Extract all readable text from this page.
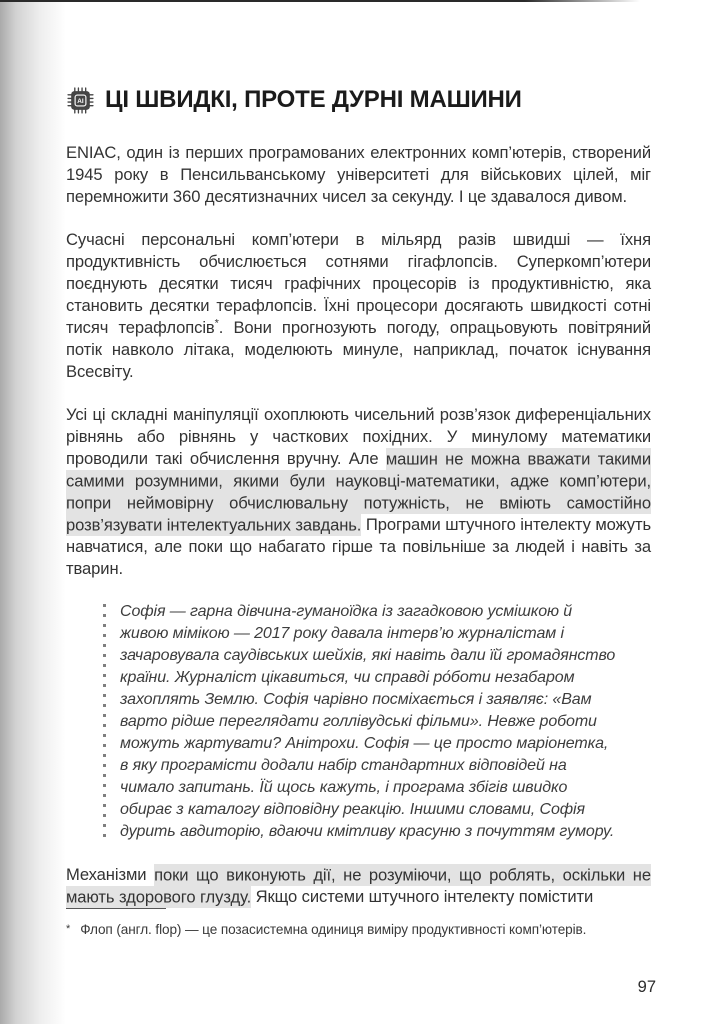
AI ЦІ ШВИДКІ, ПРОТЕ ДУРНІ МАШИНИ

ENIAC, один із перших програмованих електронних комп’ютерів, створений 1945 року в Пенсильванському університеті для військових цілей, міг перемножити 360 десятизначних чисел за секунду. І це здавалося дивом.

Сучасні персональні комп’ютери в мільярд разів швидші — їхня продуктивність обчислюється сотнями гігафлопсів. Суперкомп’ютери поєднують десятки тисяч графічних процесорів із продуктивністю, яка становить десятки терафлопсів. Їхні процесори досягають швидкості сотні тисяч терафлопсів*. Вони прогнозують погоду, опрацьовують повітряний потік навколо літака, моделюють минуле, наприклад, початок існування Всесвіту.

Усі ці складні маніпуляції охоплюють чисельний розв’язок диференціальних рівнянь або рівнянь у часткових похідних. У минулому математики проводили такі обчислення вручну. Але машин не можна вважати такими самими розумними, якими були науковці-математики, адже комп’ютери, попри неймовірну обчислювальну потужність, не вміють самостійно розв’язувати інтелектуальних завдань. Програми штучного інтелекту можуть навчатися, але поки що набагато гірше та повільніше за людей і навіть за тварин.

Софія — гарна дівчина-гуманоїдка із загадковою усмішкою й живою мімікою — 2017 року давала інтерв’ю журналістам і зачаровувала саудівських шейхів, які навіть дали їй громадянство країни. Журналіст цікавиться, чи справді ро́боти незабаром захоплять Землю. Софія чарівно посміхається і заявляє: «Вам варто рідше переглядати голлівудські фільми». Невже роботи можуть жартувати? Анітрохи. Софія — це просто маріонетка, в яку програмісти додали набір стандартних відповідей на чимало запитань. Їй щось кажуть, і програма збігів швидко обирає з каталогу відповідну реакцію. Іншими словами, Софія дурить авдиторію, вдаючи кмітливу красуню з почуттям гумору.

Механізми поки що виконують дії, не розуміючи, що роблять, оскільки не мають здорового глузду. Якщо системи штучного інтелекту помістити

* Флоп (англ. flop) — це позасистемна одиниця виміру продуктивності комп’ютерів.
97
